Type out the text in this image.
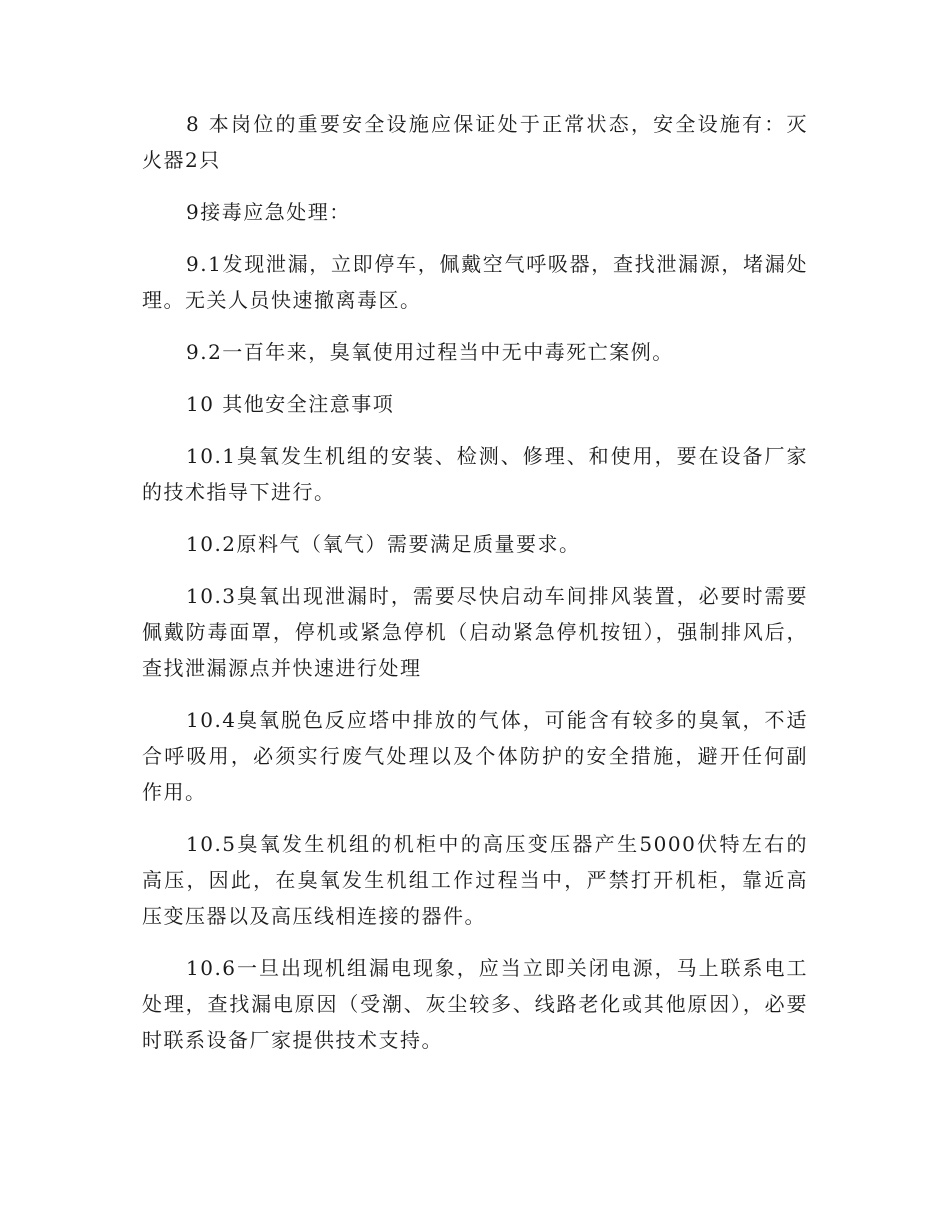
8 本岗位的重要安全设施应保证处于正常状态，安全设施有：灭火器2只

9接毒应急处理：

9.1发现泄漏，立即停车，佩戴空气呼吸器，查找泄漏源，堵漏处理。无关人员快速撤离毒区。

9.2一百年来，臭氧使用过程当中无中毒死亡案例。

10 其他安全注意事项

10.1臭氧发生机组的安装、检测、修理、和使用，要在设备厂家的技术指导下进行。

10.2原料气（氧气）需要满足质量要求。

10.3臭氧出现泄漏时，需要尽快启动车间排风装置，必要时需要佩戴防毒面罩，停机或紧急停机（启动紧急停机按钮），强制排风后，查找泄漏源点并快速进行处理

10.4臭氧脱色反应塔中排放的气体，可能含有较多的臭氧，不适合呼吸用，必须实行废气处理以及个体防护的安全措施，避开任何副作用。

10.5臭氧发生机组的机柜中的高压变压器产生5000伏特左右的高压，因此，在臭氧发生机组工作过程当中，严禁打开机柜，靠近高压变压器以及高压线相连接的器件。

10.6一旦出现机组漏电现象，应当立即关闭电源，马上联系电工处理，查找漏电原因（受潮、灰尘较多、线路老化或其他原因），必要时联系设备厂家提供技术支持。
